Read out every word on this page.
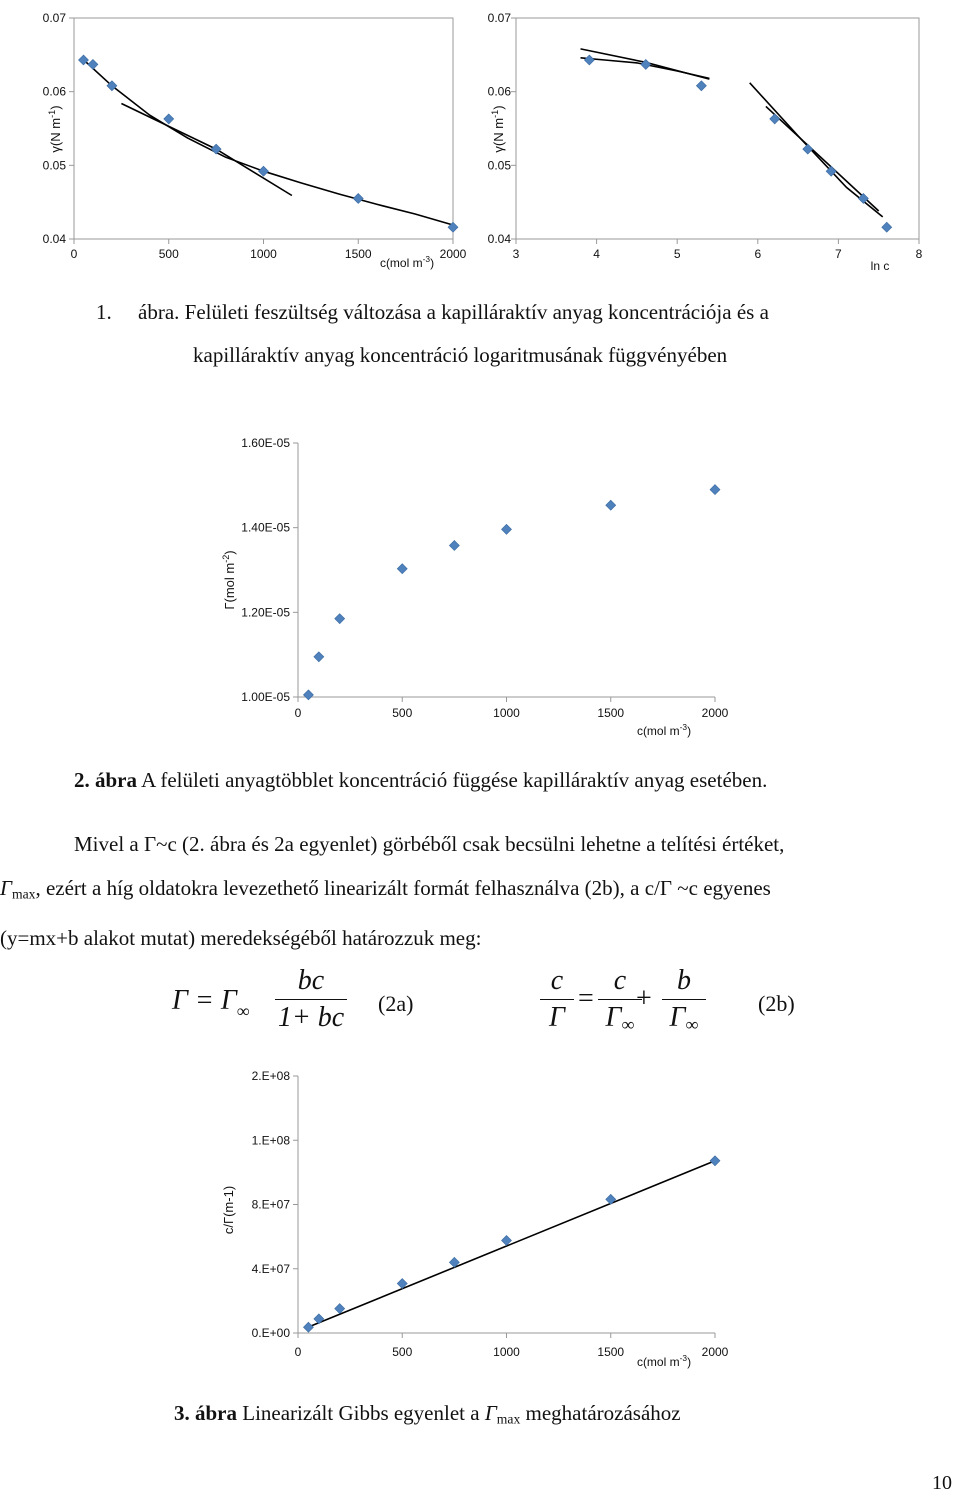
0.04
0.05
0.06
0.07
0	500	1000	1500	2000
c(mol $m^{-3}$)
γ(N $m^{-1}$)
0.04
0.05
0.06
0.07
3	4	5	6	7	8
ln c
γ(N $m^{-1}$)
1.00E-05
1.20E-05
1.40E-05
1.60E-05
0	500	1000	1500	2000
c(mol $m^{-3}$)
Γ(mol $m^{-2}$)
0.E+00
4.E+07
8.E+07
1.E+08
2.E+08
0	500	1000	1500	2000
c(mol $m^{-3}$)
c/Γ(m-1)
1. ábra. Felületi feszültség változása a kapilláraktív anyag koncentrációja és a
kapilláraktív anyag koncentráció logaritmusának függvényében
2. ábra A felületi anyagtöbblet koncentráció függése kapilláraktív anyag esetében.

Mivel a Γ~c (2. ábra és 2a egyenlet) görbéből csak becsülni lehetne a telítési értéket,

$\Gamma_{max}$, ezért a híg oldatokra levezethető linearizált formát felhasználva (2b), a c/Γ ~c egyenes

(y=mx+b alakot mutat) meredekségéből határozzuk meg:

$\Gamma = \Gamma_\infty$
bc
1+ bc (2a)
c
Γ
=
c
$\Gamma_\infty$
+
b
$\Gamma_\infty$
(2b)
3. ábra Linearizált Gibbs egyenlet a $\Gamma_{max}$ meghatározásához
10
